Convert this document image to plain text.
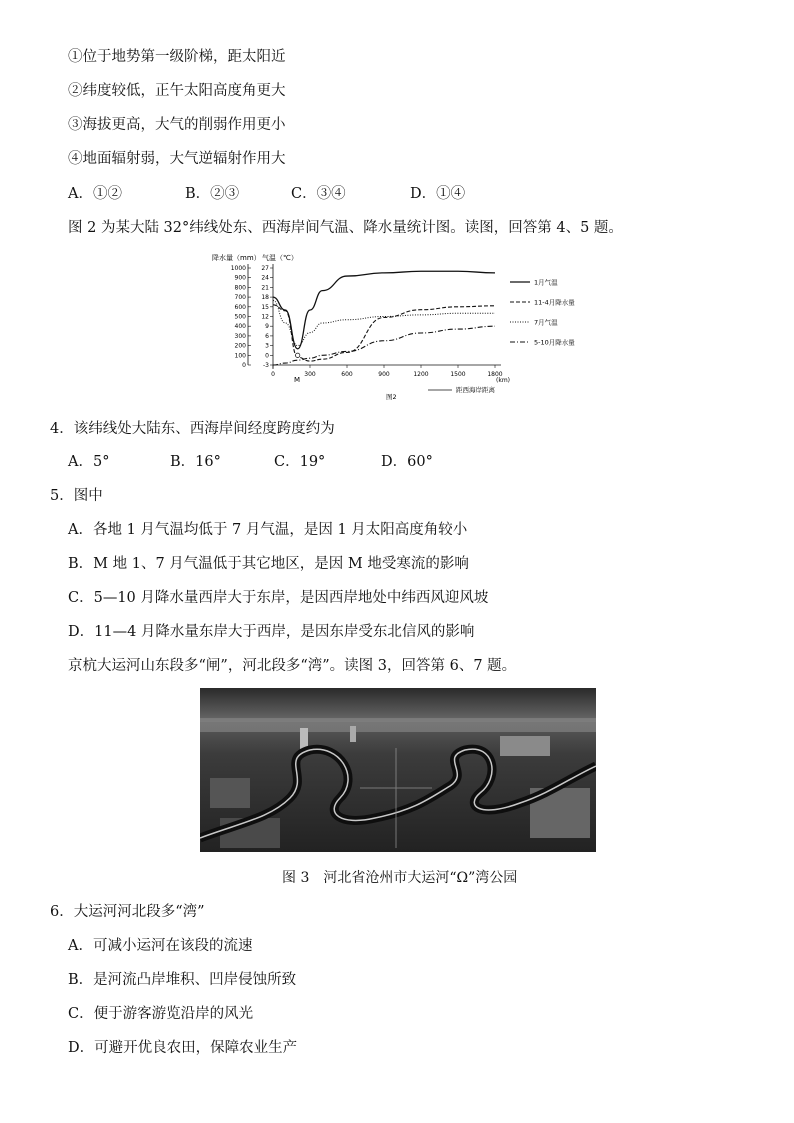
①位于地势第一级阶梯，距太阳近
②纬度较低，正午太阳高度角更大
③海拔更高，大气的削弱作用更小
④地面辐射弱，大气逆辐射作用大
A．①②	B．②③	C．③④	D．①④
图 2 为某大陆 32°纬线处东、西海岸间气温、降水量统计图。读图，回答第 4、5 题。
降水量（mm） 气温（℃）
1000
900
800
700
600
500
400
300
200
100
0
27
24
21
18
15
12
9
6
3
0
-3
0	300	600	900	1200	1500	1800
1月气温
11-4月降水量
7月气温
5-10月降水量
M	(km)
距西海岸距离
图2
4．该纬线处大陆东、西海岸间经度跨度约为
A．5°	B．16°	C．19°	D．60°
5．图中
A．各地 1 月气温均低于 7 月气温，是因 1 月太阳高度角较小
B．M 地 1、7 月气温低于其它地区，是因 M 地受寒流的影响
C．5—10 月降水量西岸大于东岸，是因西岸地处中纬西风迎风坡
D．11—4 月降水量东岸大于西岸，是因东岸受东北信风的影响
京杭大运河山东段多“闸”，河北段多“湾”。读图 3，回答第 6、7 题。
图 3　河北省沧州市大运河“Ω”湾公园
6．大运河河北段多“湾”
A．可减小运河在该段的流速
B．是河流凸岸堆积、凹岸侵蚀所致
C．便于游客游览沿岸的风光
D．可避开优良农田，保障农业生产
